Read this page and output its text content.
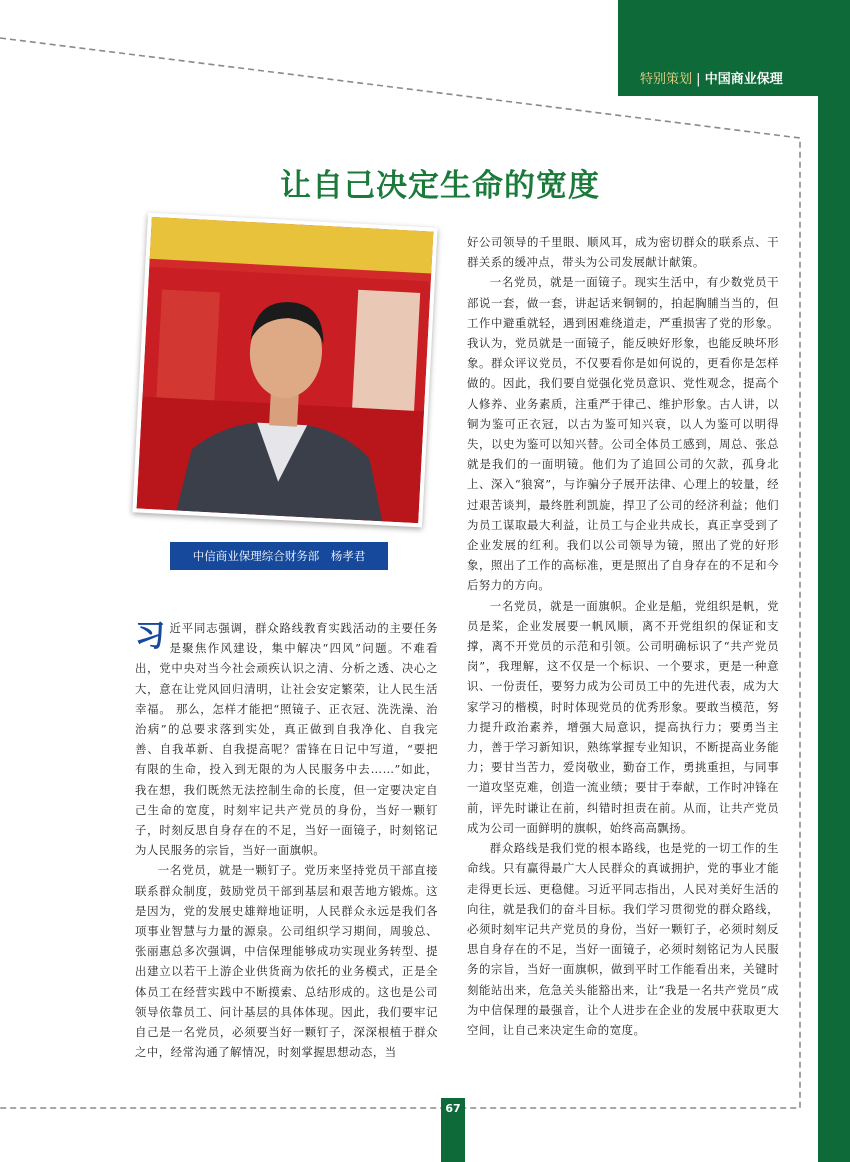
特别策划 | 中国商业保理
让自己决定生命的宽度
中信商业保理综合财务部　杨孝君

习近平同志强调，群众路线教育实践活动的主要任务是聚焦作风建设，集中解决“四风”问题。不难看出，党中央对当今社会顽疾认识之清、分析之透、决心之大，意在让党风回归清明，让社会安定繁荣，让人民生活幸福。 那么，怎样才能把“照镜子、正衣冠、洗洗澡、治治病”的总要求落到实处，真正做到自我净化、自我完善、自我革新、自我提高呢？雷锋在日记中写道，“要把有限的生命，投入到无限的为人民服务中去……”如此，我在想，我们既然无法控制生命的长度，但一定要决定自己生命的宽度，时刻牢记共产党员的身份，当好一颗钉子，时刻反思自身存在的不足，当好一面镜子，时刻铭记为人民服务的宗旨，当好一面旗帜。

一名党员，就是一颗钉子。党历来坚持党员干部直接联系群众制度，鼓励党员干部到基层和艰苦地方锻炼。这是因为，党的发展史雄辩地证明，人民群众永远是我们各项事业智慧与力量的源泉。公司组织学习期间，周骏总、张丽惠总多次强调，中信保理能够成功实现业务转型、提出建立以若干上游企业供货商为依托的业务模式，正是全体员工在经营实践中不断摸索、总结形成的。这也是公司领导依靠员工、问计基层的具体体现。因此，我们要牢记自己是一名党员，必须要当好一颗钉子，深深根植于群众之中，经常沟通了解情况，时刻掌握思想动态，当

好公司领导的千里眼、顺风耳，成为密切群众的联系点、干群关系的缓冲点，带头为公司发展献计献策。

一名党员，就是一面镜子。现实生活中，有少数党员干部说一套，做一套，讲起话来铜铜的，拍起胸脯当当的，但工作中避重就轻，遇到困难绕道走，严重损害了党的形象。我认为，党员就是一面镜子，能反映好形象，也能反映坏形象。群众评议党员，不仅要看你是如何说的，更看你是怎样做的。因此，我们要自觉强化党员意识、党性观念，提高个人修养、业务素质，注重严于律己、维护形象。古人讲，以铜为鉴可正衣冠，以古为鉴可知兴衰，以人为鉴可以明得失，以史为鉴可以知兴替。公司全体员工感到，周总、张总就是我们的一面明镜。他们为了追回公司的欠款，孤身北上、深入“狼窝”，与诈骗分子展开法律、心理上的较量，经过艰苦谈判，最终胜利凯旋，捍卫了公司的经济利益；他们为员工谋取最大利益，让员工与企业共成长，真正享受到了企业发展的红利。我们以公司领导为镜，照出了党的好形象，照出了工作的高标准，更是照出了自身存在的不足和今后努力的方向。

一名党员，就是一面旗帜。企业是船，党组织是帆，党员是桨，企业发展要一帆风顺，离不开党组织的保证和支撑，离不开党员的示范和引领。公司明确标识了“共产党员岗”，我理解，这不仅是一个标识、一个要求，更是一种意识、一份责任，要努力成为公司员工中的先进代表，成为大家学习的楷模，时时体现党员的优秀形象。要敢当模范，努力提升政治素养，增强大局意识，提高执行力；要勇当主力，善于学习新知识，熟练掌握专业知识，不断提高业务能力；要甘当苦力，爱岗敬业，勤奋工作，勇挑重担，与同事一道攻坚克难，创造一流业绩；要甘于奉献，工作时冲锋在前，评先时谦让在前，纠错时担责在前。从而，让共产党员成为公司一面鲜明的旗帜，始终高高飘扬。

群众路线是我们党的根本路线，也是党的一切工作的生命线。只有赢得最广大人民群众的真诚拥护，党的事业才能走得更长远、更稳健。习近平同志指出，人民对美好生活的向往，就是我们的奋斗目标。我们学习贯彻党的群众路线，必须时刻牢记共产党员的身份，当好一颗钉子，必须时刻反思自身存在的不足，当好一面镜子，必须时刻铭记为人民服务的宗旨，当好一面旗帜，做到平时工作能看出来，关键时刻能站出来，危急关头能豁出来，让“我是一名共产党员”成为中信保理的最强音，让个人进步在企业的发展中获取更大空间，让自己来决定生命的宽度。

67
